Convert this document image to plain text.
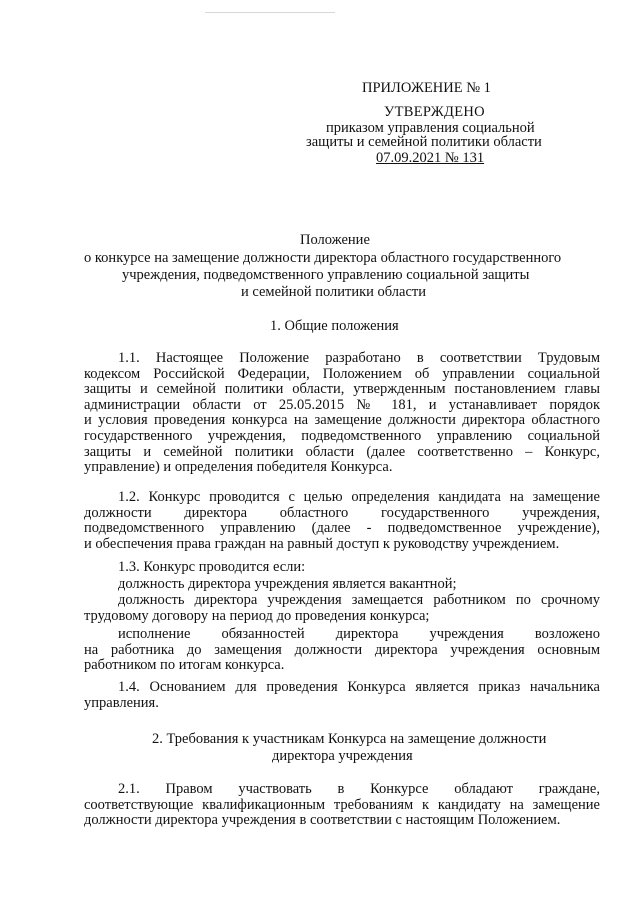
ПРИЛОЖЕНИЕ № 1
УТВЕРЖДЕНО
приказом управления социальной
защиты и семейной политики области
07.09.2021 № 131
Положение
о конкурсе на замещение должности директора областного государственного
учреждения, подведомственного управлению социальной защиты
и семейной политики области
1. Общие положения
1.1. Настоящее Положение разработано в соответствии Трудовым
кодексом Российской Федерации, Положением об управлении социальной
защиты и семейной политики области, утвержденным постановлением главы
администрации области от 25.05.2015 № 181, и устанавливает порядок
и условия проведения конкурса на замещение должности директора областного
государственного учреждения, подведомственного управлению социальной
защиты и семейной политики области (далее соответственно – Конкурс,
управление) и определения победителя Конкурса.
1.2. Конкурс проводится с целью определения кандидата на замещение
должности директора областного государственного учреждения,
подведомственного управлению (далее - подведомственное учреждение),
и обеспечения права граждан на равный доступ к руководству учреждением.
1.3. Конкурс проводится если:
должность директора учреждения является вакантной;
должность директора учреждения замещается работником по срочному
трудовому договору на период до проведения конкурса;
исполнение обязанностей директора учреждения возложено
на работника до замещения должности директора учреждения основным
работником по итогам конкурса.
1.4. Основанием для проведения Конкурса является приказ начальника
управления.
2. Требования к участникам Конкурса на замещение должности
директора учреждения
2.1. Правом участвовать в Конкурсе обладают граждане,
соответствующие квалификационным требованиям к кандидату на замещение
должности директора учреждения в соответствии с настоящим Положением.
